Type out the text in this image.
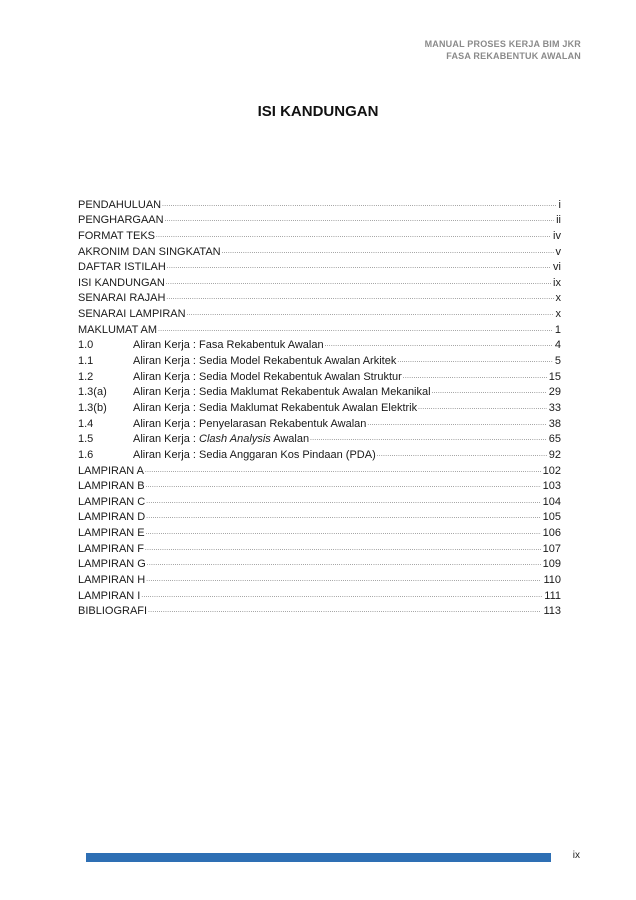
MANUAL PROSES KERJA BIM JKR
FASA REKABENTUK AWALAN
ISI KANDUNGAN
PENDAHULUAN . . .	i
PENGHARGAAN . . .	ii
FORMAT TEKS . . .	iv
AKRONIM DAN SINGKATAN . . .	v
DAFTAR ISTILAH . . .	vi
ISI KANDUNGAN . . .	ix
SENARAI RAJAH . . .	x
SENARAI LAMPIRAN . . .	x
MAKLUMAT AM . . .	1
1.0	Aliran Kerja : Fasa Rekabentuk Awalan . . .	4
1.1	Aliran Kerja : Sedia Model Rekabentuk Awalan Arkitek . . .	5
1.2	Aliran Kerja : Sedia Model Rekabentuk Awalan Struktur . . .	15
1.3(a)	Aliran Kerja : Sedia Maklumat Rekabentuk Awalan Mekanikal . . .	29
1.3(b)	Aliran Kerja : Sedia Maklumat Rekabentuk Awalan Elektrik . . .	33
1.4	Aliran Kerja : Penyelarasan Rekabentuk Awalan . . .	38
1.5	Aliran Kerja : Clash Analysis Awalan . . .	65
1.6	Aliran Kerja : Sedia Anggaran Kos Pindaan (PDA) . . .	92
LAMPIRAN A . . .	102
LAMPIRAN B . . .	103
LAMPIRAN C . . .	104
LAMPIRAN D . . .	105
LAMPIRAN E . . .	106
LAMPIRAN F . . .	107
LAMPIRAN G . . .	109
LAMPIRAN H . . .	110
LAMPIRAN I . . .	111
BIBLIOGRAFI . . .	113
ix
